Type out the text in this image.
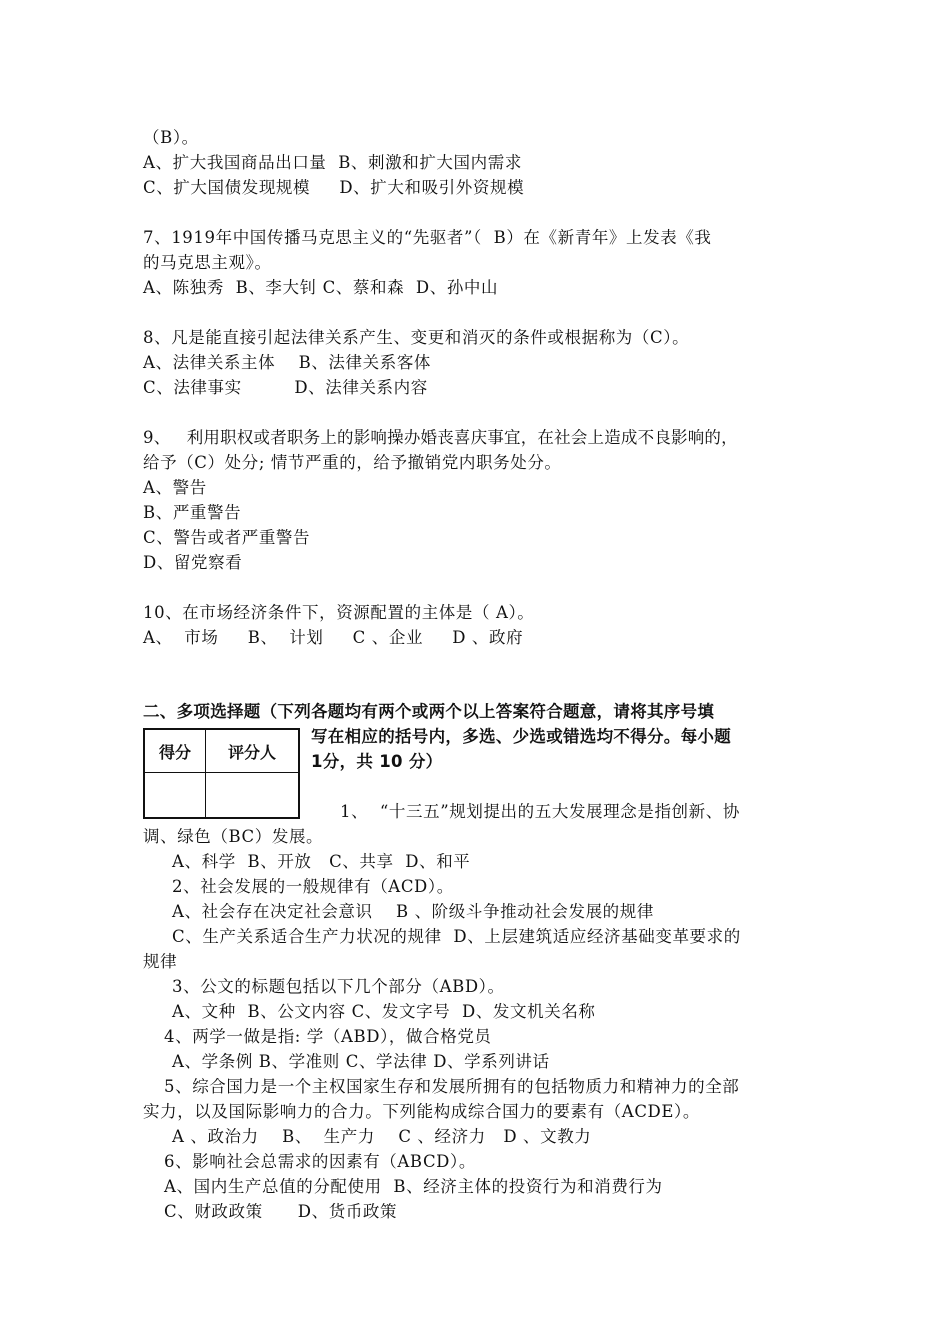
（B）。
A、扩大我国商品出口量  B、刺激和扩大国内需求
C、扩大国债发现规模     D、扩大和吸引外资规模
7、1919年中国传播马克思主义的“先驱者”（  B）在《新青年》上发表《我
的马克思主观》。
A、陈独秀  B、李大钊 C、蔡和森  D、孙中山
8、凡是能直接引起法律关系产生、变更和消灭的条件或根据称为（C）。
A、法律关系主体    B、法律关系客体
C、法律事实         D、法律关系内容
9、   利用职权或者职务上的影响操办婚丧喜庆事宜，在社会上造成不良影响的，
给予（C）处分; 情节严重的，给予撤销党内职务处分。
A、警告
B、严重警告
C、警告或者严重警告
D、留党察看
10、在市场经济条件下，资源配置的主体是（ A）。
A、  市场     B、  计划     C 、企业     D 、政府
二、多项选择题（下列各题均有两个或两个以上答案符合题意，请将其序号填
写在相应的括号内，多选、少选或错选均不得分。每小题
1分，共 10 分）
得分	评分人

1、  “十三五”规划提出的五大发展理念是指创新、协
调、绿色（BC）发展。
A、科学  B、开放   C、共享  D、和平
2、社会发展的一般规律有（ACD）。
A、社会存在决定社会意识    B 、阶级斗争推动社会发展的规律
C、生产关系适合生产力状况的规律  D、上层建筑适应经济基础变革要求的
规律
3、公文的标题包括以下几个部分（ABD）。
A、文种  B、公文内容 C、发文字号  D、发文机关名称
4、两学一做是指: 学（ABD），做合格党员
A、学条例 B、学准则 C、学法律 D、学系列讲话
5、综合国力是一个主权国家生存和发展所拥有的包括物质力和精神力的全部
实力，以及国际影响力的合力。下列能构成综合国力的要素有（ACDE）。
A 、政治力    B、  生产力    C 、经济力   D 、文教力
6、影响社会总需求的因素有（ABCD）。
A、国内生产总值的分配使用  B、经济主体的投资行为和消费行为
C、财政政策      D、货币政策
